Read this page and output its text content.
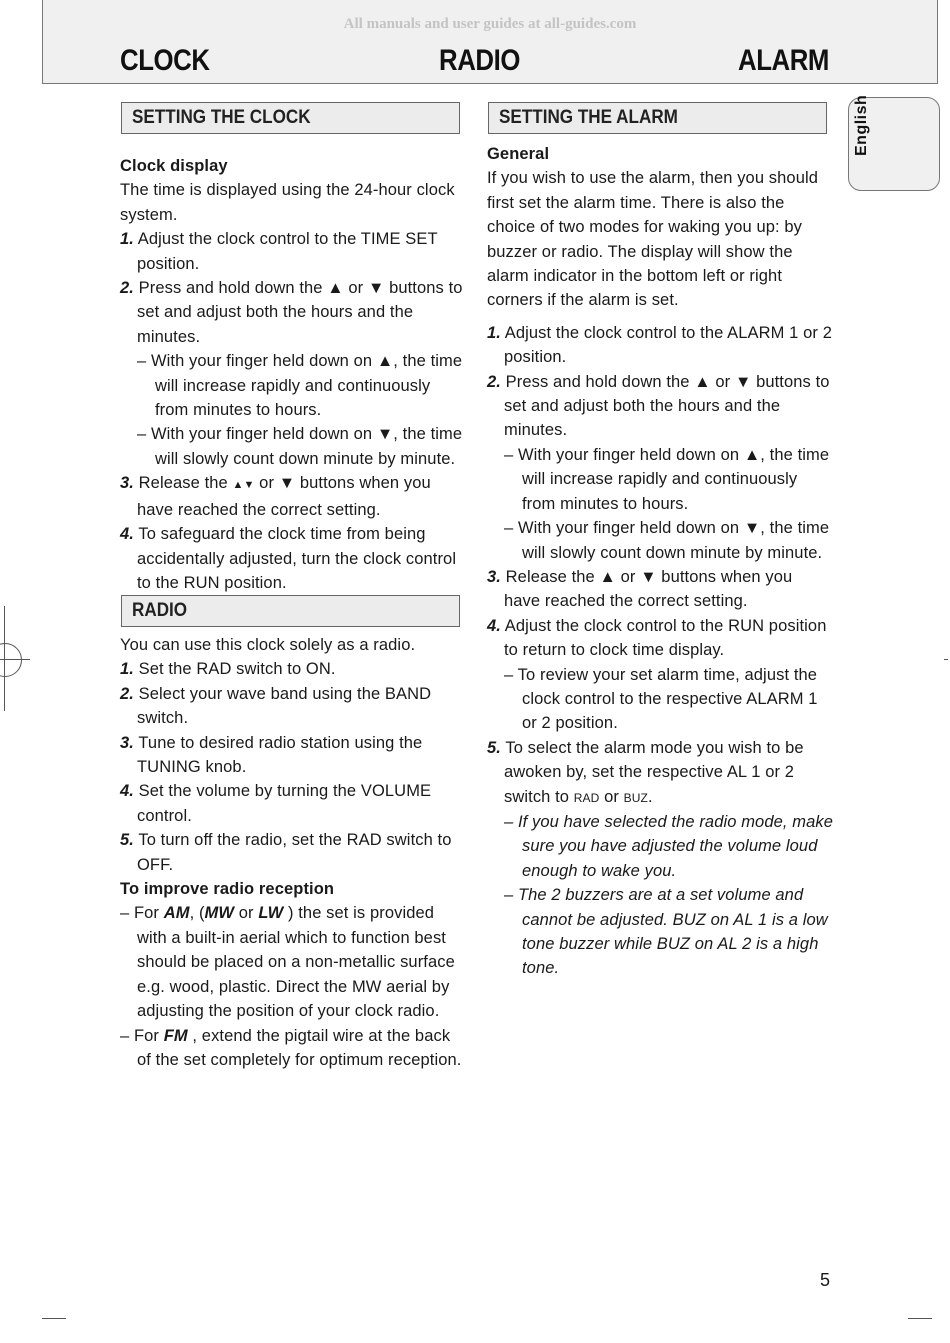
All manuals and user guides at all-guides.com
CLOCK	RADIO	ALARM
English
SETTING THE CLOCK	SETTING THE ALARM
RADIO

Clock display

The time is displayed using the 24-hour clock system.

1. Adjust the clock control to the TIME SET position.

2. Press and hold down the ▲ or ▼ buttons to set and adjust both the hours and the minutes.

– With your finger held down on ▲, the time will increase rapidly and continuously from minutes to hours.

– With your finger held down on ▼, the time will slowly count down minute by minute.

3. Release the ▲▼ or ▼ buttons when you have reached the correct setting.

4. To safeguard the clock time from being accidentally adjusted, turn the clock control to the RUN position.

You can use this clock solely as a radio.

1. Set the RAD switch to ON.

2. Select your wave band using the BAND switch.

3. Tune to desired radio station using the TUNING knob.

4. Set the volume by turning the VOLUME control.

5. To turn off the radio, set the RAD switch to OFF.

To improve radio reception

– For AM, (MW or LW ) the set is provided with a built-in aerial which to function best should be placed on a non-metallic surface e.g. wood, plastic. Direct the MW aerial by adjusting the position of your clock radio.

– For FM , extend the pigtail wire at the back of the set completely for optimum reception.

General

If you wish to use the alarm, then you should first set the alarm time. There is also the choice of two modes for waking you up: by buzzer or radio. The display will show the alarm indicator in the bottom left or right corners if the alarm is set.

1. Adjust the clock control to the ALARM 1 or 2 position.

2. Press and hold down the ▲ or ▼ buttons to set and adjust both the hours and the minutes.

– With your finger held down on ▲, the time will increase rapidly and continuously from minutes to hours.

– With your finger held down on ▼, the time will slowly count down minute by minute.

3. Release the ▲ or ▼ buttons when you have reached the correct setting.

4. Adjust the clock control to the RUN position to return to clock time display.

– To review your set alarm time, adjust the clock control to the respective ALARM 1 or 2 position.

5. To select the alarm mode you wish to be awoken by, set the respective AL 1 or 2 switch to RAD or BUZ.

– If you have selected the radio mode, make sure you have adjusted the volume loud enough to wake you.

– The 2 buzzers are at a set volume and cannot be adjusted. BUZ on AL 1 is a low tone buzzer while BUZ on AL 2 is a high tone.

5
